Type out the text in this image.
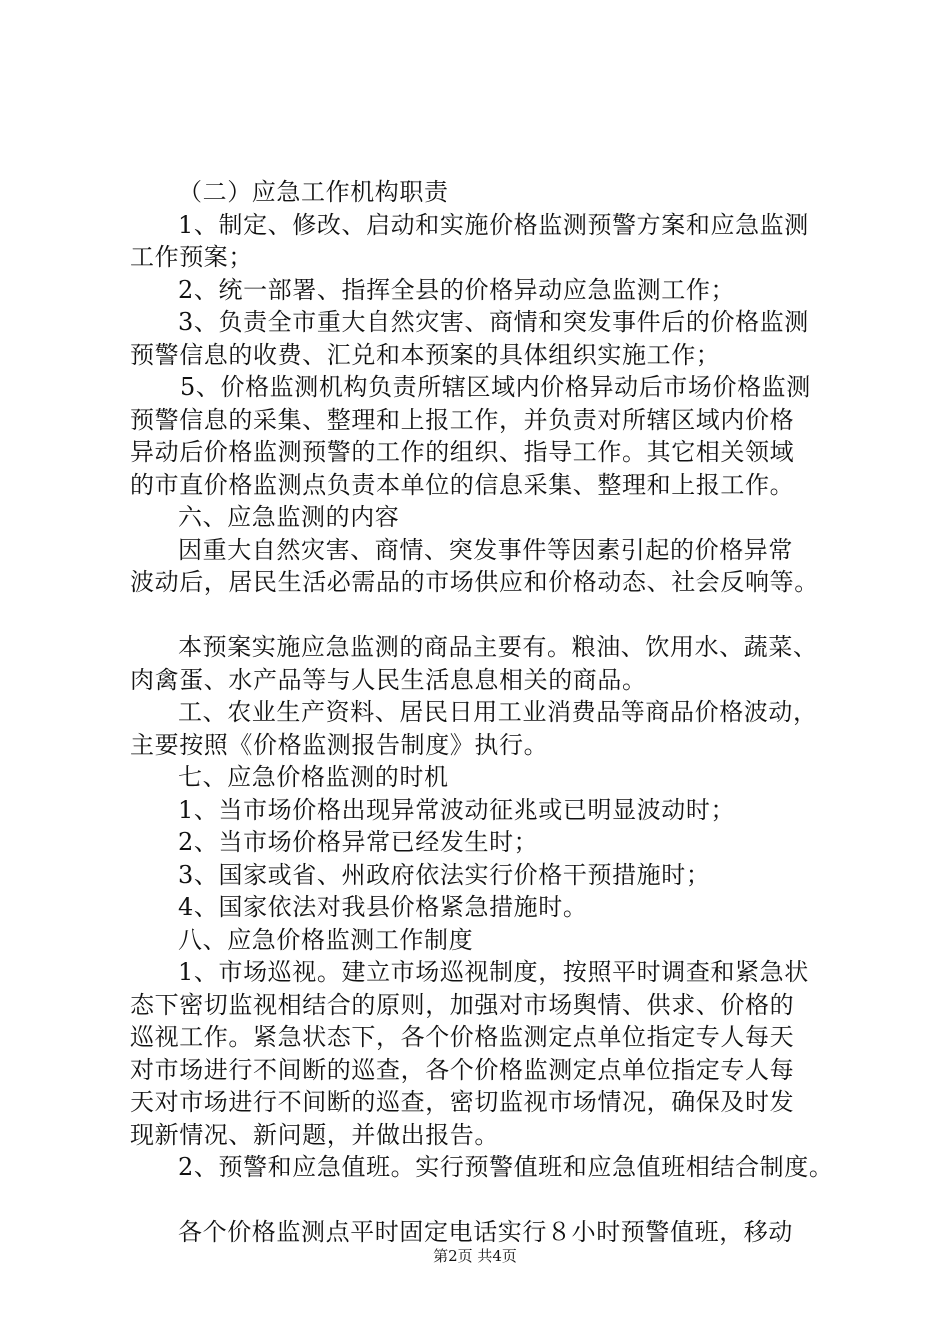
（二）应急工作机构职责
1、制定、修改、启动和实施价格监测预警方案和应急监测
工作预案；
2、统一部署、指挥全县的价格异动应急监测工作；
3、负责全市重大自然灾害、商情和突发事件后的价格监测
预警信息的收费、汇兑和本预案的具体组织实施工作；
5、价格监测机构负责所辖区域内价格异动后市场价格监测
预警信息的采集、整理和上报工作，并负责对所辖区域内价格
异动后价格监测预警的工作的组织、指导工作。其它相关领域
的市直价格监测点负责本单位的信息采集、整理和上报工作。
六、应急监测的内容
因重大自然灾害、商情、突发事件等因素引起的价格异常
波动后，居民生活必需品的市场供应和价格动态、社会反响等。
本预案实施应急监测的商品主要有。粮油、饮用水、蔬菜、
肉禽蛋、水产品等与人民生活息息相关的商品。
工、农业生产资料、居民日用工业消费品等商品价格波动，
主要按照《价格监测报告制度》执行。
七、应急价格监测的时机
1、当市场价格出现异常波动征兆或已明显波动时；
2、当市场价格异常已经发生时；
3、国家或省、州政府依法实行价格干预措施时；
4、国家依法对我县价格紧急措施时。
八、应急价格监测工作制度
1、市场巡视。建立市场巡视制度，按照平时调查和紧急状
态下密切监视相结合的原则，加强对市场舆情、供求、价格的
巡视工作。紧急状态下，各个价格监测定点单位指定专人每天
对市场进行不间断的巡查，各个价格监测定点单位指定专人每
天对市场进行不间断的巡查，密切监视市场情况，确保及时发
现新情况、新问题，并做出报告。
2、预警和应急值班。实行预警值班和应急值班相结合制度。
各个价格监测点平时固定电话实行８小时预警值班，移动
第2页 共4页
